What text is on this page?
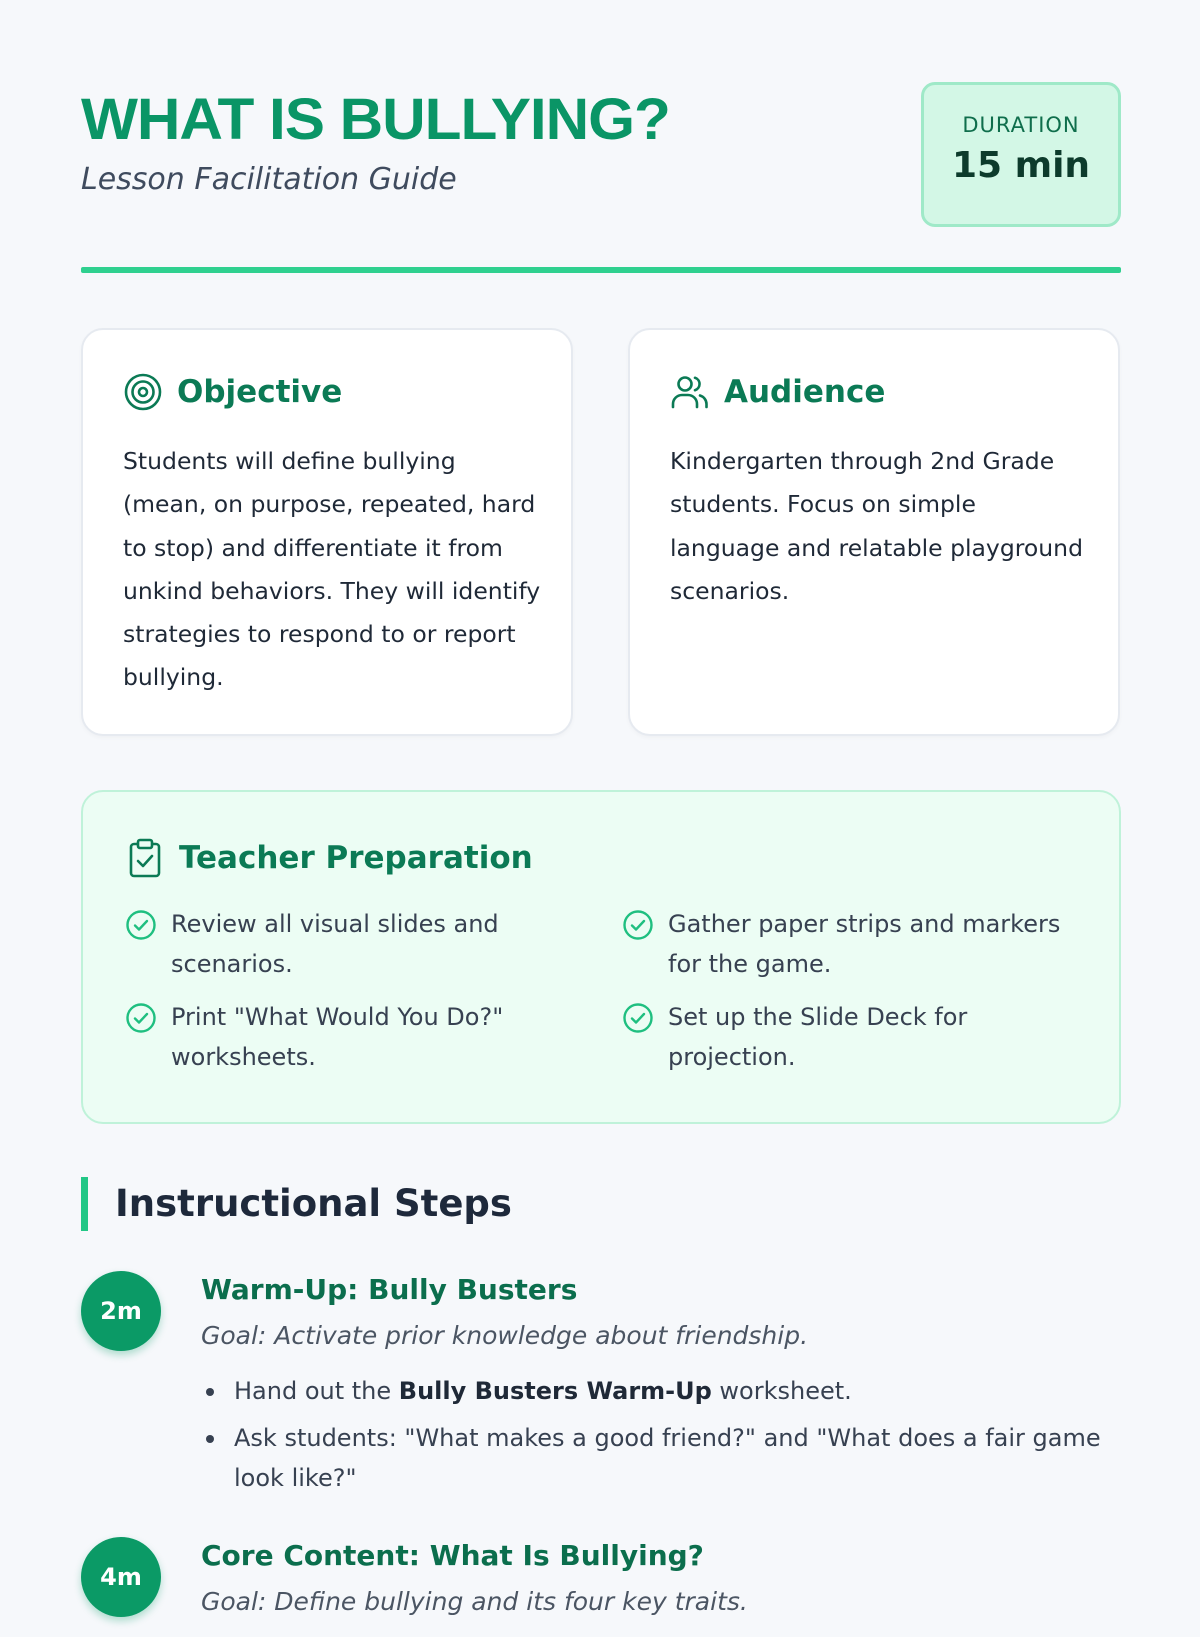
WHAT IS BULLYING?
Lesson Facilitation Guide
DURATION
15 min
Objective
Students will define bullying (mean, on purpose, repeated, hard to stop) and differentiate it from unkind behaviors. They will identify strategies to respond to or report bullying.
Audience
Kindergarten through 2nd Grade students. Focus on simple language and relatable playground scenarios.
Teacher Preparation
Review all visual slides and scenarios.
Gather paper strips and markers for the game.
Print "What Would You Do?" worksheets.
Set up the Slide Deck for projection.
Instructional Steps
2m
Warm-Up: Bully Busters
Goal: Activate prior knowledge about friendship.
Hand out the Bully Busters Warm-Up worksheet.
Ask students: "What makes a good friend?" and "What does a fair game look like?"
4m
Core Content: What Is Bullying?
Goal: Define bullying and its four key traits.
